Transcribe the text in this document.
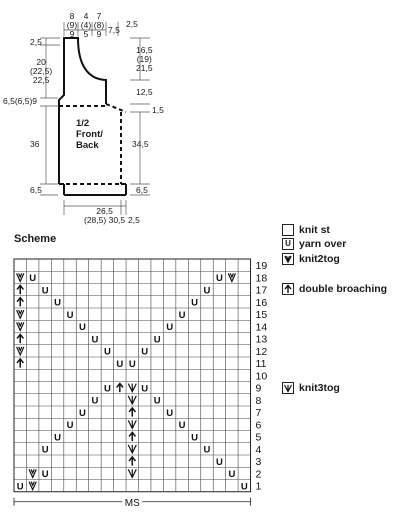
8
(9)
9
4
(4)
5
7
(8)
9 7,5
2,5
2,5
20
(22,5)
22,5
6,5(6,5)9
36
6,5
16,5
(19)
21,5
12,5
1,5
34,5
6,5
1/2
Front/
Back
26,5
(28,5) 30,5 2,5
Scheme
1
2
3
4
5
6
7
8
9
10
11
12
13
14
15
16
17
18
19
U
U
U	U
U
U
U
U
U
U
U
U
U
U
U
U
U
U
U	U
U	U
U	U
U	U
U	U
U	U
U
U
U
MS
knit st
U yarn over
knit2tog
double broaching
knit3tog
